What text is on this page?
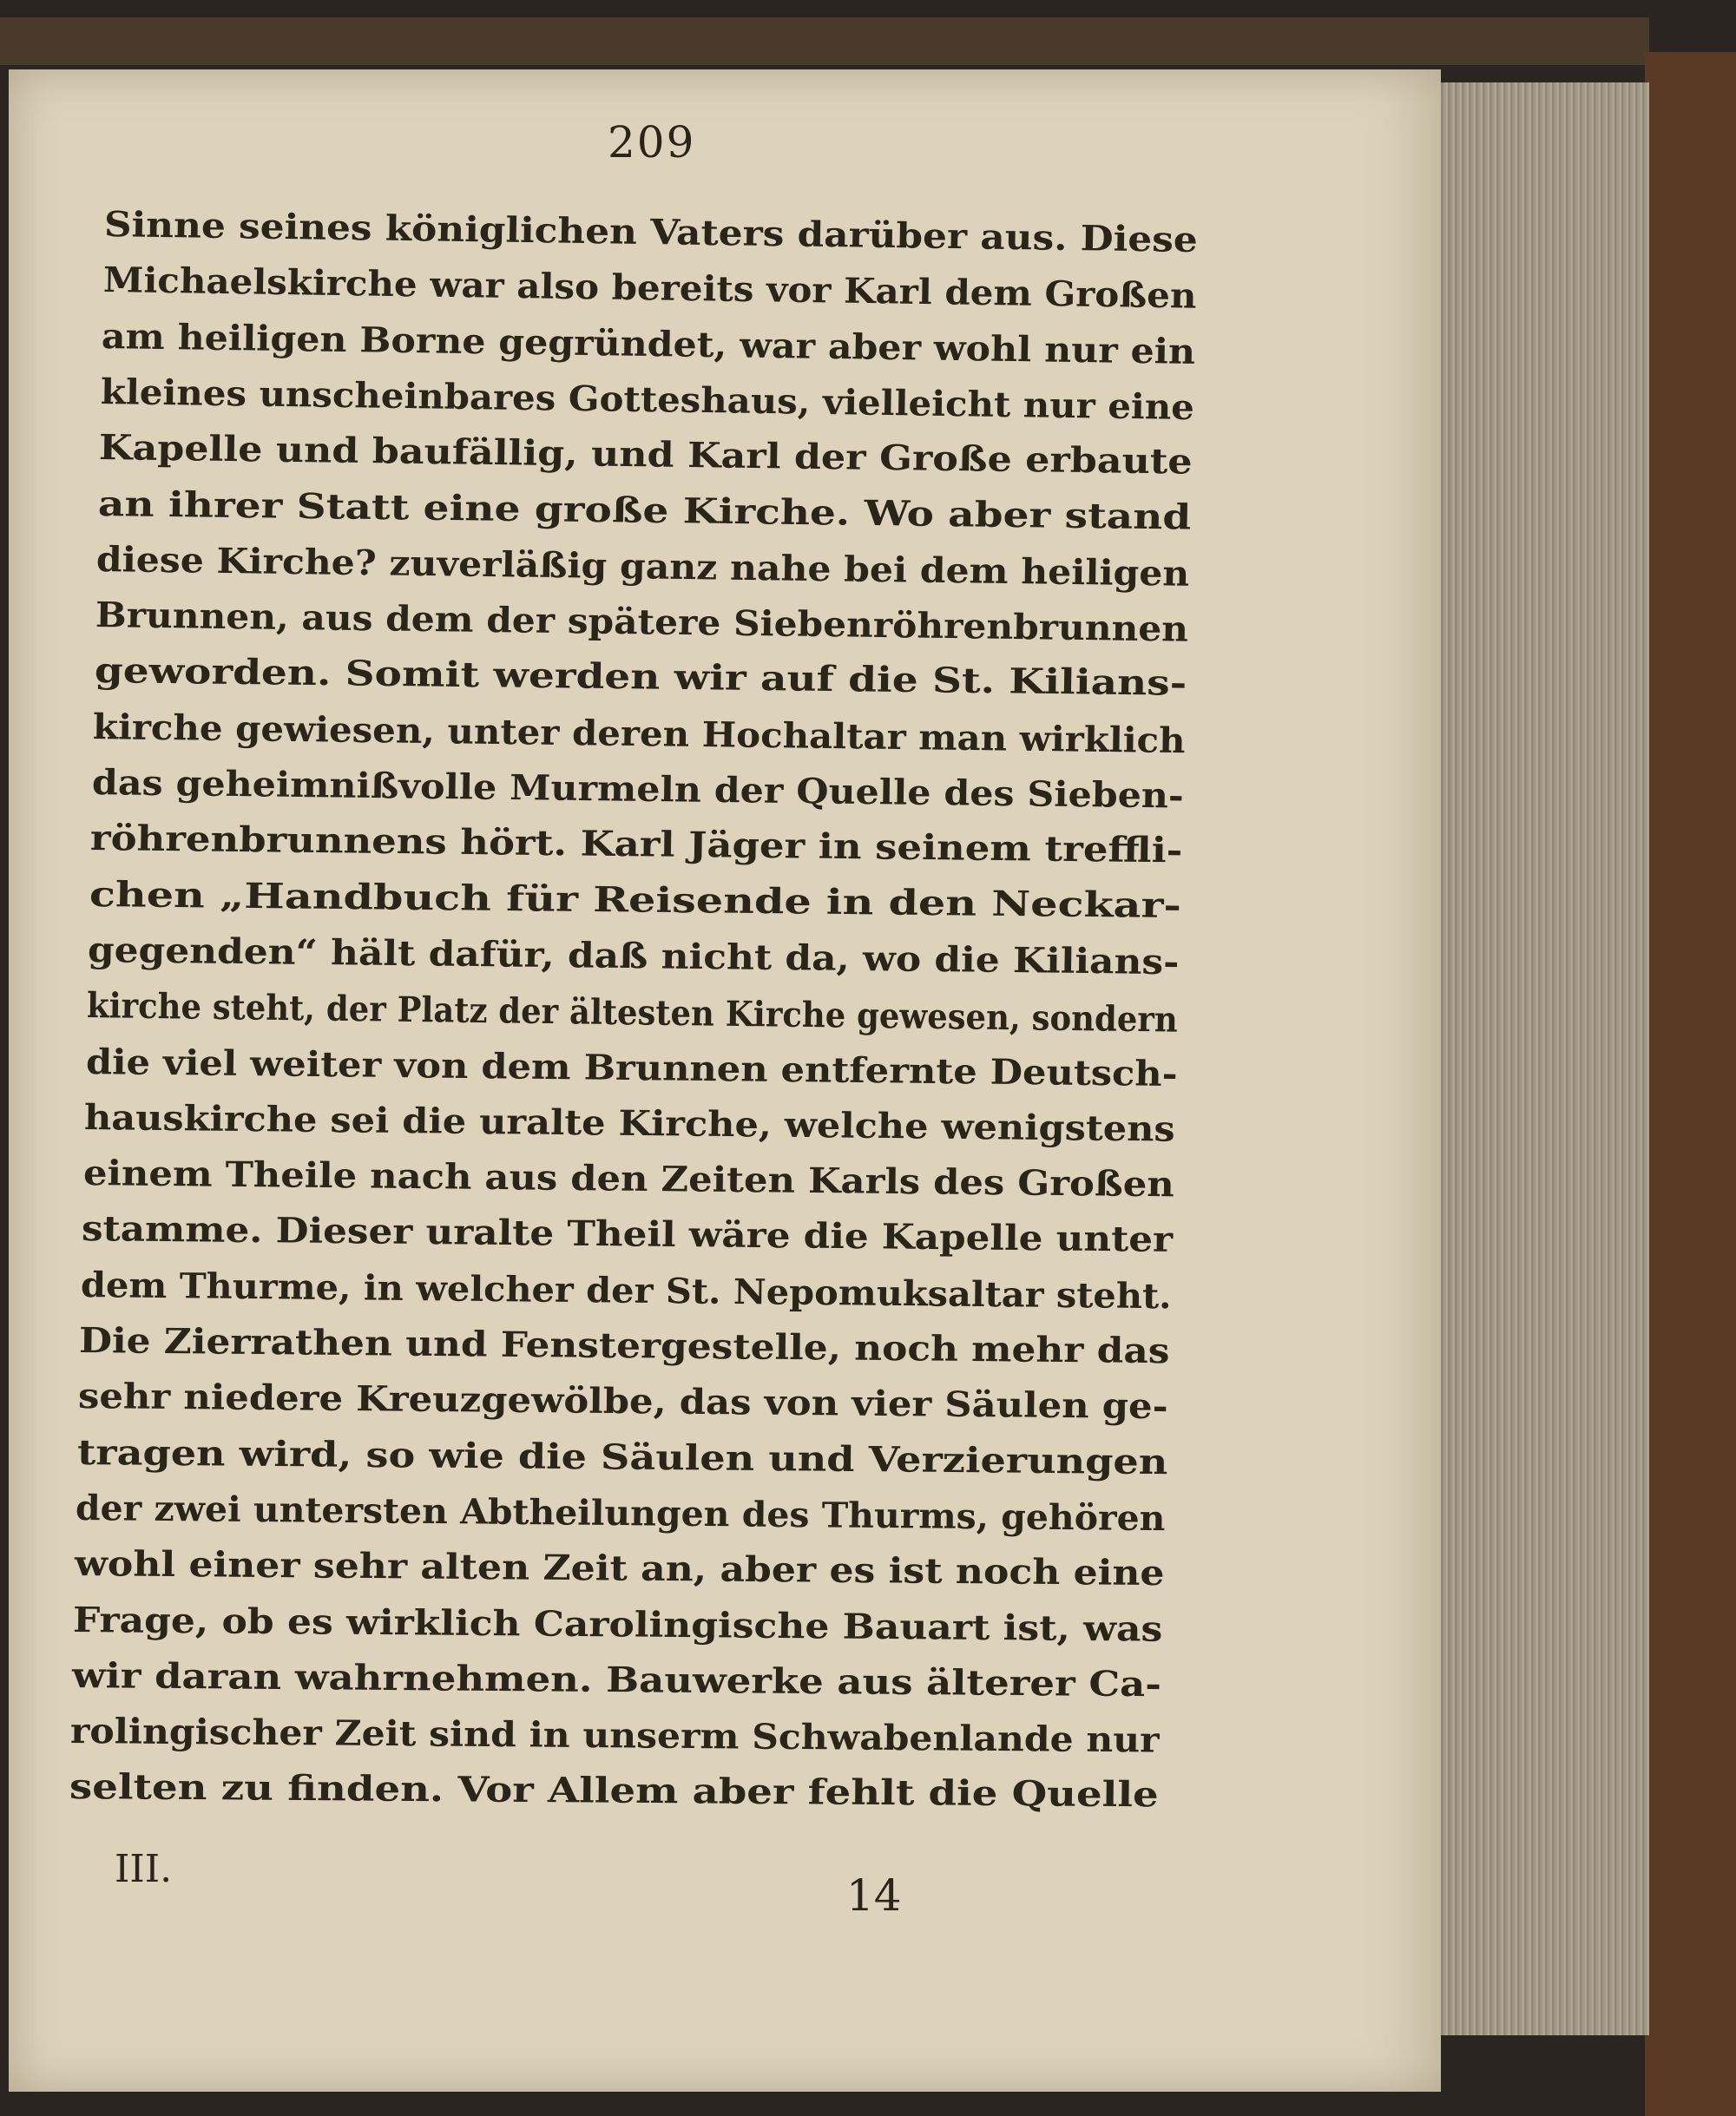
209
Sinne seines königlichen Vaters darüber aus. Diese
Michaelskirche war also bereits vor Karl dem Großen
am heiligen Borne gegründet, war aber wohl nur ein
kleines unscheinbares Gotteshaus, vielleicht nur eine
Kapelle und baufällig, und Karl der Große erbaute
an ihrer Statt eine große Kirche. Wo aber stand
diese Kirche? zuverläßig ganz nahe bei dem heiligen
Brunnen, aus dem der spätere Siebenröhrenbrunnen
geworden. Somit werden wir auf die St. Kilians-
kirche gewiesen, unter deren Hochaltar man wirklich
das geheimnißvolle Murmeln der Quelle des Sieben-
röhrenbrunnens hört. Karl Jäger in seinem treffli-
chen „Handbuch für Reisende in den Neckar-
gegenden“ hält dafür, daß nicht da, wo die Kilians-
kirche steht, der Platz der ältesten Kirche gewesen, sondern
die viel weiter von dem Brunnen entfernte Deutsch-
hauskirche sei die uralte Kirche, welche wenigstens
einem Theile nach aus den Zeiten Karls des Großen
stamme. Dieser uralte Theil wäre die Kapelle unter
dem Thurme, in welcher der St. Nepomuksaltar steht.
Die Zierrathen und Fenstergestelle, noch mehr das
sehr niedere Kreuzgewölbe, das von vier Säulen ge-
tragen wird, so wie die Säulen und Verzierungen
der zwei untersten Abtheilungen des Thurms, gehören
wohl einer sehr alten Zeit an, aber es ist noch eine
Frage, ob es wirklich Carolingische Bauart ist, was
wir daran wahrnehmen. Bauwerke aus älterer Ca-
rolingischer Zeit sind in unserm Schwabenlande nur
selten zu finden. Vor Allem aber fehlt die Quelle
III.
14
